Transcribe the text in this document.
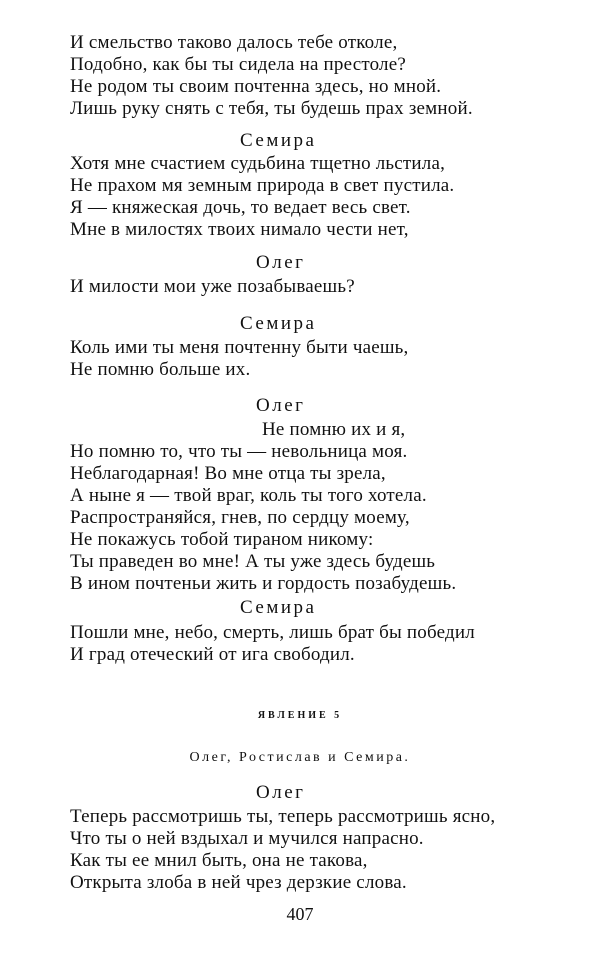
И смельство таково далось тебе отколе,
Подобно, как бы ты сидела на престоле?
Не родом ты своим почтенна здесь, но мной.
Лишь руку снять с тебя, ты будешь прах земной.
Семира
Хотя мне счастием судьбина тщетно льстила,
Не прахом мя земным природа в свет пустила.
Я — княжеская дочь, то ведает весь свет.
Мне в милостях твоих нимало чести нет,
Олег
И милости мои уже позабываешь?
Семира
Коль ими ты меня почтенну быти чаешь,
Не помню больше их.
Олег
Не помню их и я,
Но помню то, что ты — невольница моя.
Неблагодарная! Во мне отца ты зрела,
А ныне я — твой враг, коль ты того хотела.
Распространяйся, гнев, по сердцу моему,
Не покажусь тобой тираном никому:
Ты праведен во мне! А ты уже здесь будешь
В ином почтеньи жить и гордость позабудешь.
Семира
Пошли мне, небо, смерть, лишь брат бы победил
И град отеческий от ига свободил.
ЯВЛЕНИЕ 5
Олег, Ростислав и Семира.
Олег
Теперь рассмотришь ты, теперь рассмотришь ясно,
Что ты о ней вздыхал и мучился напрасно.
Как ты ее мнил быть, она не такова,
Открыта злоба в ней чрез дерзкие слова.
407
